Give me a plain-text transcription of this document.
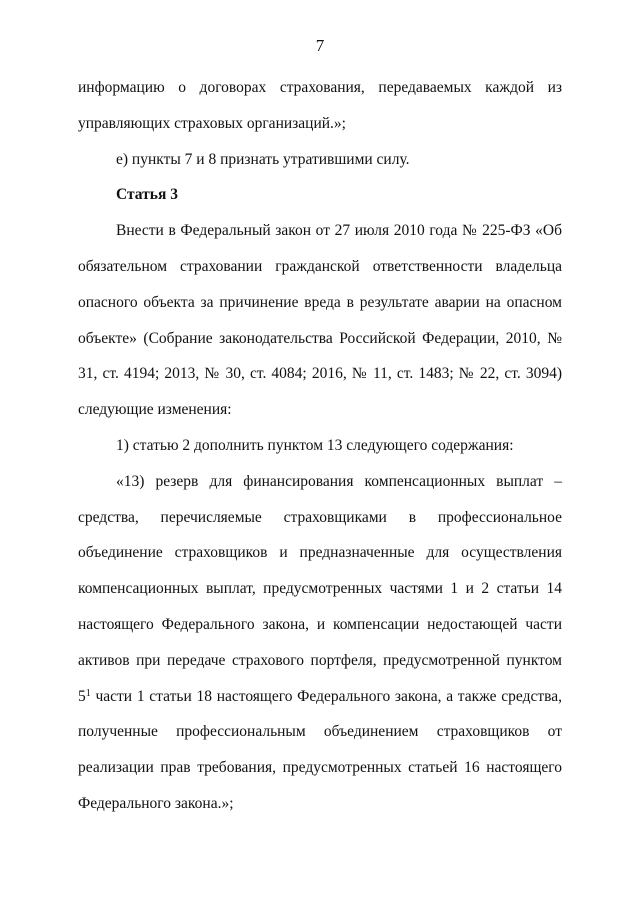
7

информацию о договорах страхования, передаваемых каждой из управляющих страховых организаций.»;

е) пункты 7 и 8 признать утратившими силу.

Статья 3

Внести в Федеральный закон от 27 июля 2010 года № 225-ФЗ «Об обязательном страховании гражданской ответственности владельца опасного объекта за причинение вреда в результате аварии на опасном объекте» (Собрание законодательства Российской Федерации, 2010, № 31, ст. 4194; 2013, № 30, ст. 4084; 2016, № 11, ст. 1483; № 22, ст. 3094) следующие изменения:

1) статью 2 дополнить пунктом 13 следующего содержания:

«13) резерв для финансирования компенсационных выплат – средства, перечисляемые страховщиками в профессиональное объединение страховщиков и предназначенные для осуществления компенсационных выплат, предусмотренных частями 1 и 2 статьи 14 настоящего Федерального закона, и компенсации недостающей части активов при передаче страхового портфеля, предусмотренной пунктом $5^1$ части 1 статьи 18 настоящего Федерального закона, а также средства, полученные профессиональным объединением страховщиков от реализации прав требования, предусмотренных статьей 16 настоящего Федерального закона.»;
